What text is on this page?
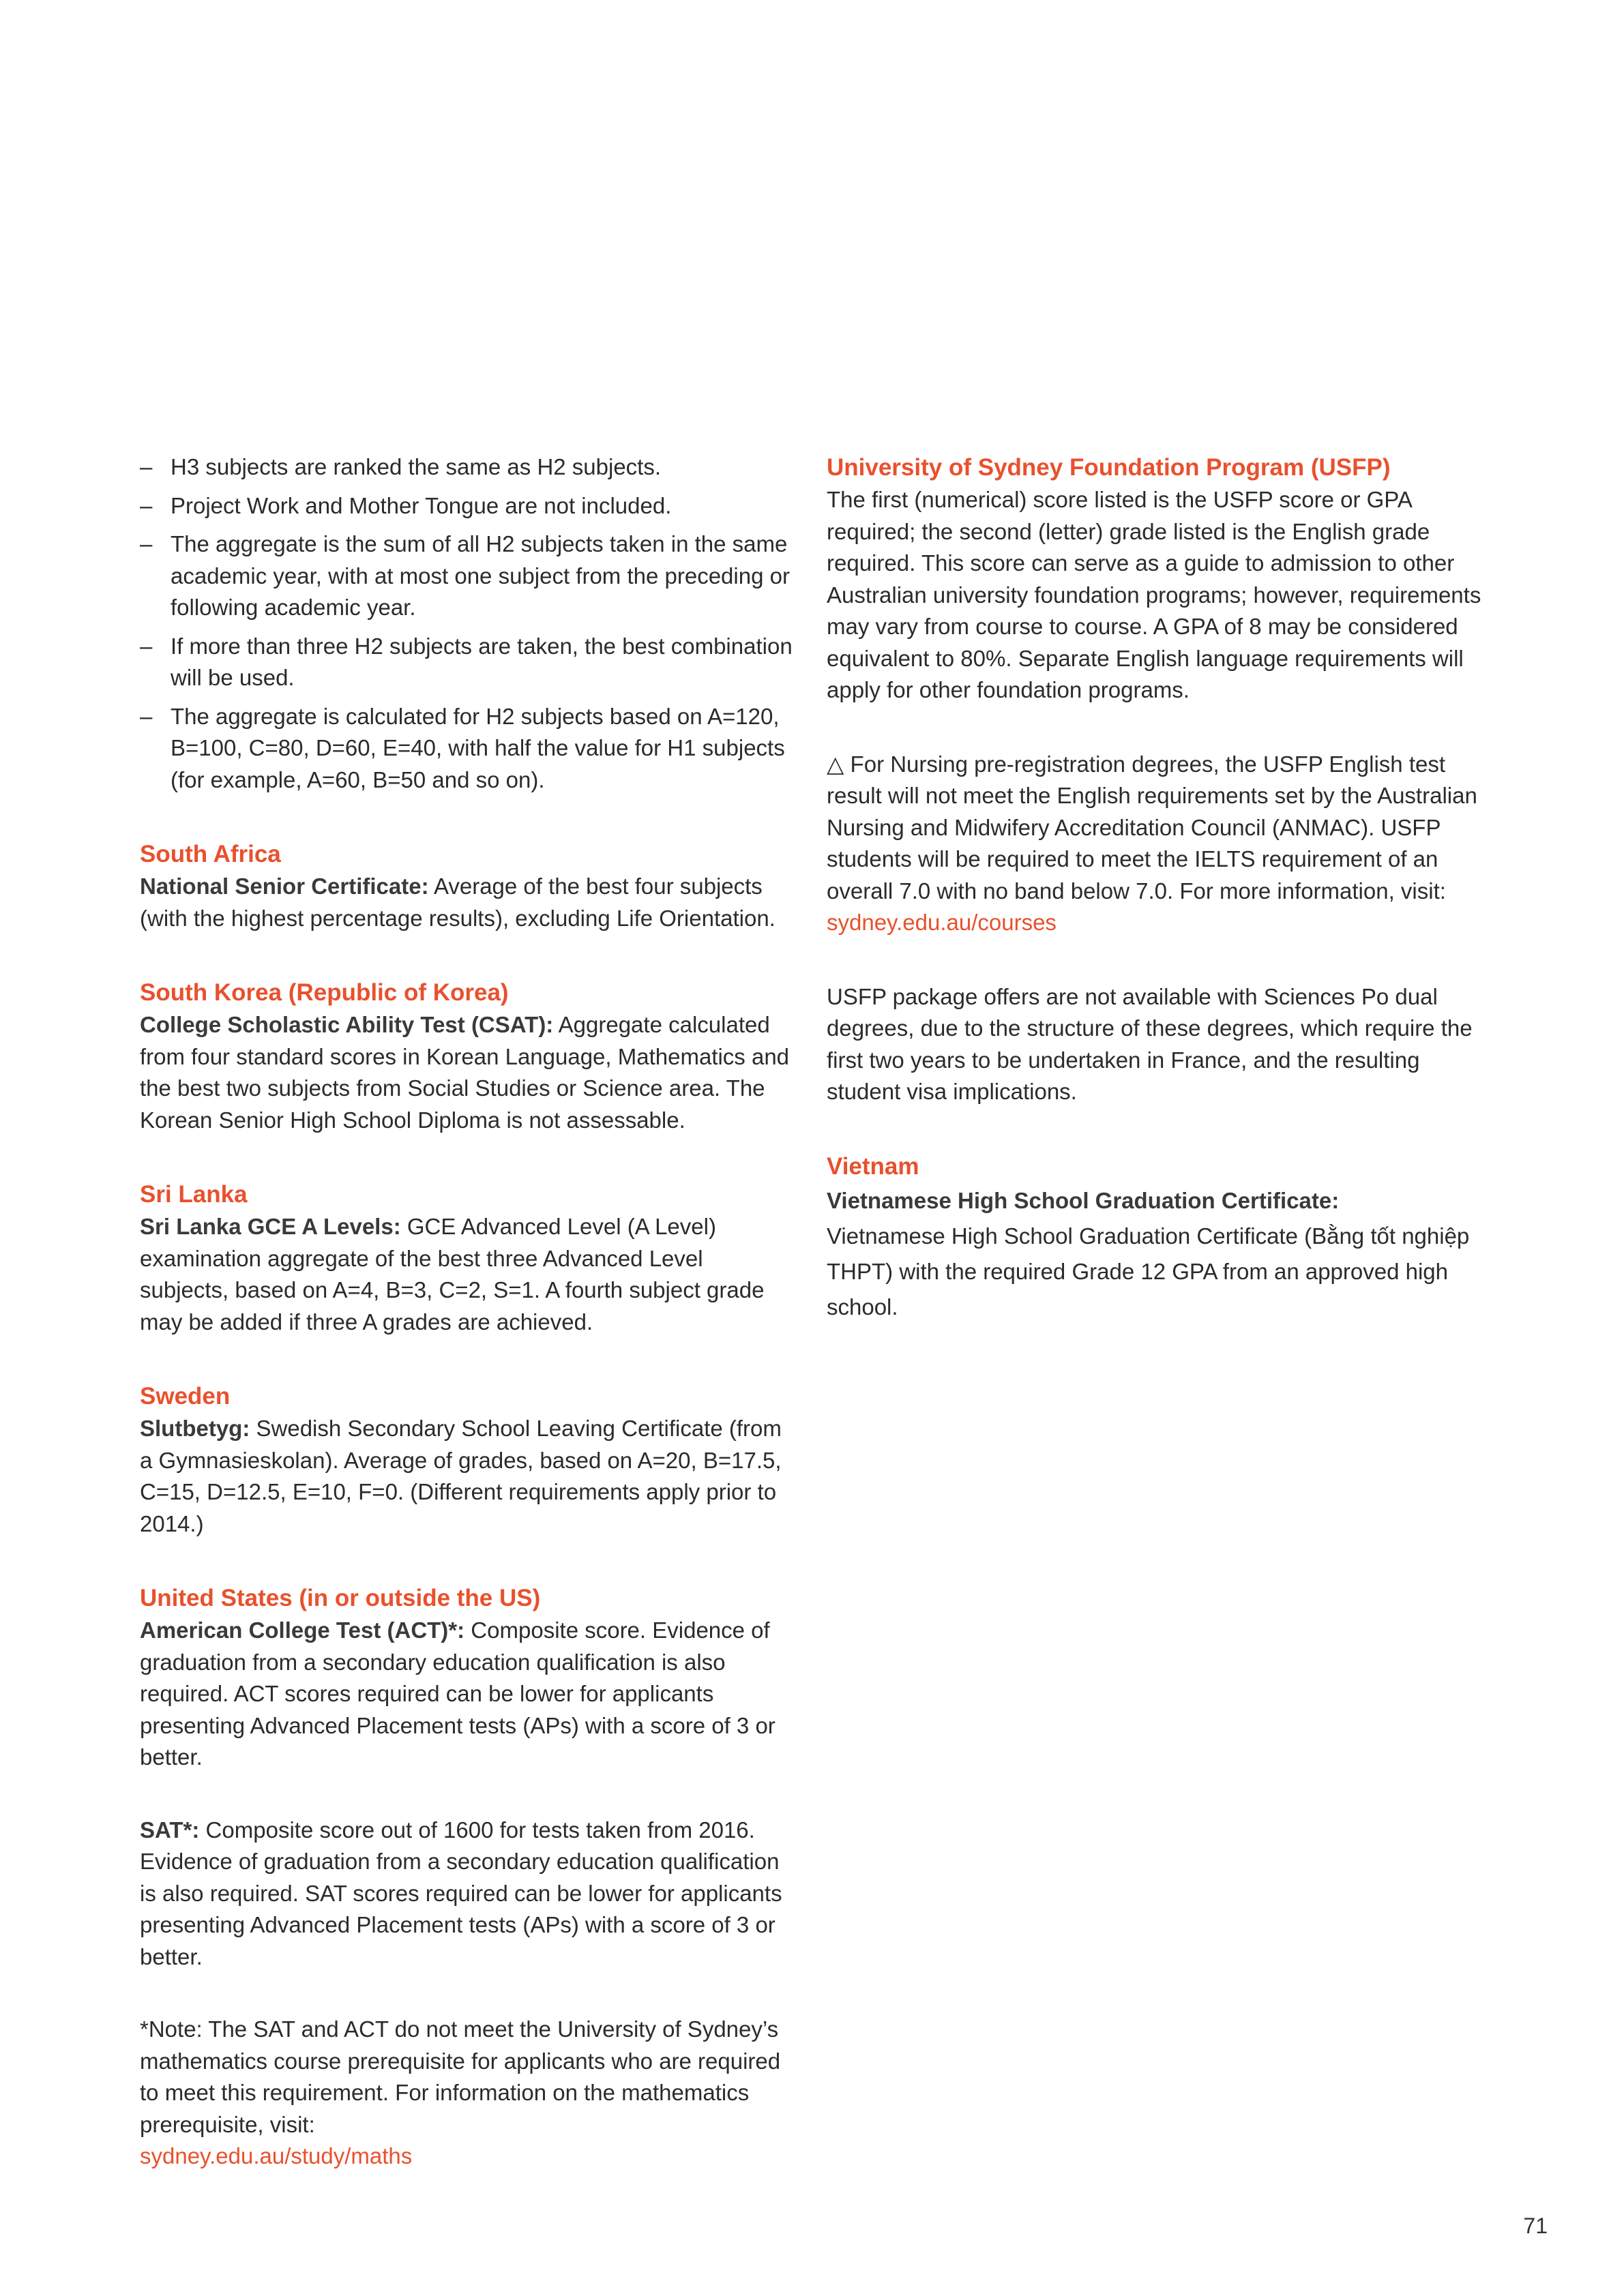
– H3 subjects are ranked the same as H2 subjects.
– Project Work and Mother Tongue are not included.
– The aggregate is the sum of all H2 subjects taken in the same academic year, with at most one subject from the preceding or following academic year.
– If more than three H2 subjects are taken, the best combination will be used.
– The aggregate is calculated for H2 subjects based on A=120, B=100, C=80, D=60, E=40, with half the value for H1 subjects (for example, A=60, B=50 and so on).
South Africa

National Senior Certificate: Average of the best four subjects (with the highest percentage results), excluding Life Orientation.

South Korea (Republic of Korea)

College Scholastic Ability Test (CSAT): Aggregate calculated from four standard scores in Korean Language, Mathematics and the best two subjects from Social Studies or Science area. The Korean Senior High School Diploma is not assessable.

Sri Lanka

Sri Lanka GCE A Levels: GCE Advanced Level (A Level) examination aggregate of the best three Advanced Level subjects, based on A=4, B=3, C=2, S=1. A fourth subject grade may be added if three A grades are achieved.

Sweden

Slutbetyg: Swedish Secondary School Leaving Certificate (from a Gymnasieskolan). Average of grades, based on A=20, B=17.5, C=15, D=12.5, E=10, F=0. (Different requirements apply prior to 2014.)

United States (in or outside the US)

American College Test (ACT)*: Composite score. Evidence of graduation from a secondary education qualification is also required. ACT scores required can be lower for applicants presenting Advanced Placement tests (APs) with a score of 3 or better.

SAT*: Composite score out of 1600 for tests taken from 2016. Evidence of graduation from a secondary education qualification is also required. SAT scores required can be lower for applicants presenting Advanced Placement tests (APs) with a score of 3 or better.

*Note: The SAT and ACT do not meet the University of Sydney’s mathematics course prerequisite for applicants who are required to meet this requirement. For information on the mathematics prerequisite, visit:
sydney.edu.au/study/maths

University of Sydney Foundation Program (USFP)

The first (numerical) score listed is the USFP score or GPA required; the second (letter) grade listed is the English grade required. This score can serve as a guide to admission to other Australian university foundation programs; however, requirements may vary from course to course. A GPA of 8 may be considered equivalent to 80%. Separate English language requirements will apply for other foundation programs.

△ For Nursing pre-registration degrees, the USFP English test result will not meet the English requirements set by the Australian Nursing and Midwifery Accreditation Council (ANMAC). USFP students will be required to meet the IELTS requirement of an overall 7.0 with no band below 7.0. For more information, visit: sydney.edu.au/courses

USFP package offers are not available with Sciences Po dual degrees, due to the structure of these degrees, which require the first two years to be undertaken in France, and the resulting student visa implications.

Vietnam

Vietnamese High School Graduation Certificate:

Vietnamese High School Graduation Certificate (Bằng tốt nghiệp THPT) with the required Grade 12 GPA from an approved high school.

71
